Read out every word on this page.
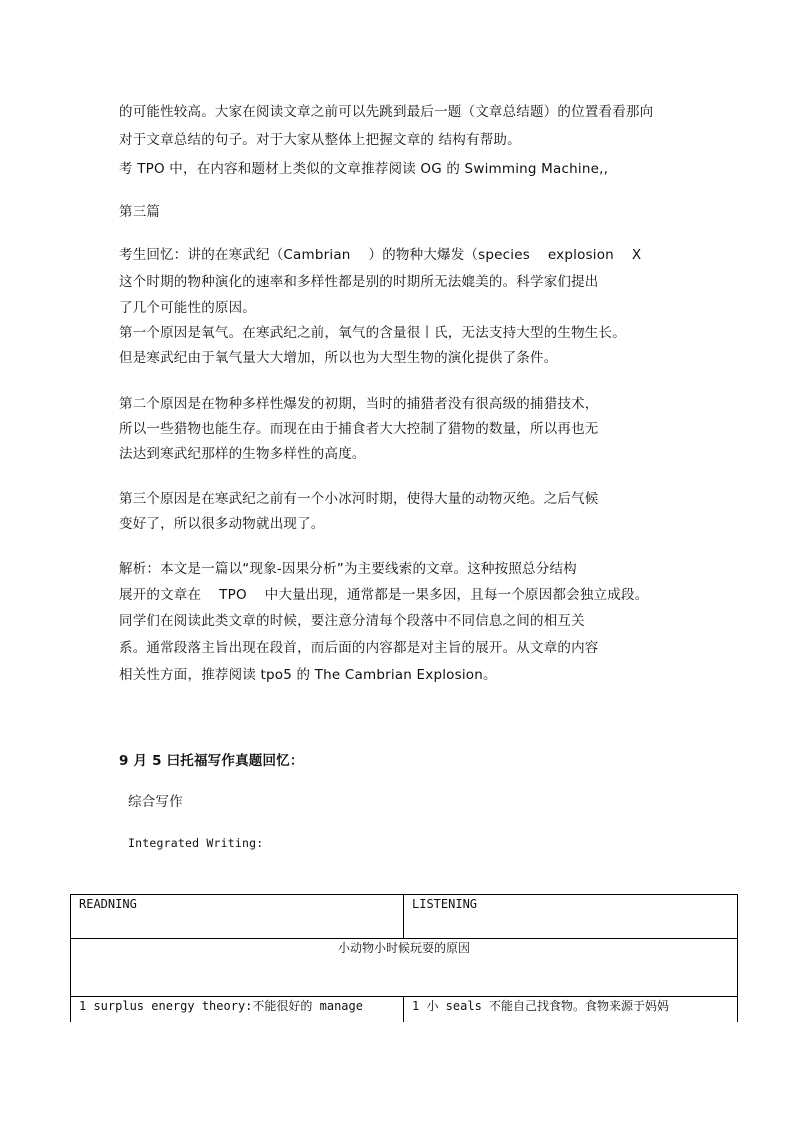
的可能性较高。大家在阅读文章之前可以先跳到最后一题（文章总结题）的位置看看那向
对于文章总结的句子。对于大家从整体上把握文章的 结构有帮助。
考 TPO 中，在内容和题材上类似的文章推荐阅读 OG 的 Swimming Machine,,
第三篇
考生回忆：讲的在寒武纪（Cambrian    ）的物种大爆发（species    explosion    X
这个时期的物种演化的速率和多样性都是别的时期所无法媲美的。科学家们提出
了几个可能性的原因。
第一个原因是氧气。在寒武纪之前，氧气的含量很丨氏，无法支持大型的生物生长。
但是寒武纪由于氧气量大大增加，所以也为大型生物的演化提供了条件。
第二个原因是在物种多样性爆发的初期，当时的捕猎者没有很高级的捕猎技术，
所以一些猎物也能生存。而现在由于捕食者大大控制了猎物的数量，所以再也无
法达到寒武纪那样的生物多样性的高度。
第三个原因是在寒武纪之前有一个小冰河时期，使得大量的动物灭绝。之后气候
变好了，所以很多动物就出现了。
解析：本文是一篇以“现象-因果分析”为主要线索的文章。这种按照总分结构
展开的文章在    TPO    中大量出现，通常都是一果多因，且每一个原因都会独立成段。
同学们在阅读此类文章的时候，要注意分清每个段落中不同信息之间的相互关
系。通常段落主旨出现在段首，而后面的内容都是对主旨的展开。从文章的内容
相关性方面，推荐阅读 tpo5 的 The Cambrian Explosion。
9 月 5 曰托福写作真题回忆：
综合写作
Integrated Writing:
READNING	LISTENING
小动物小时候玩耍的原因	
1 surplus energy theory:不能很好的 manage	1 小 seals 不能自己找食物。食物来源于妈妈
